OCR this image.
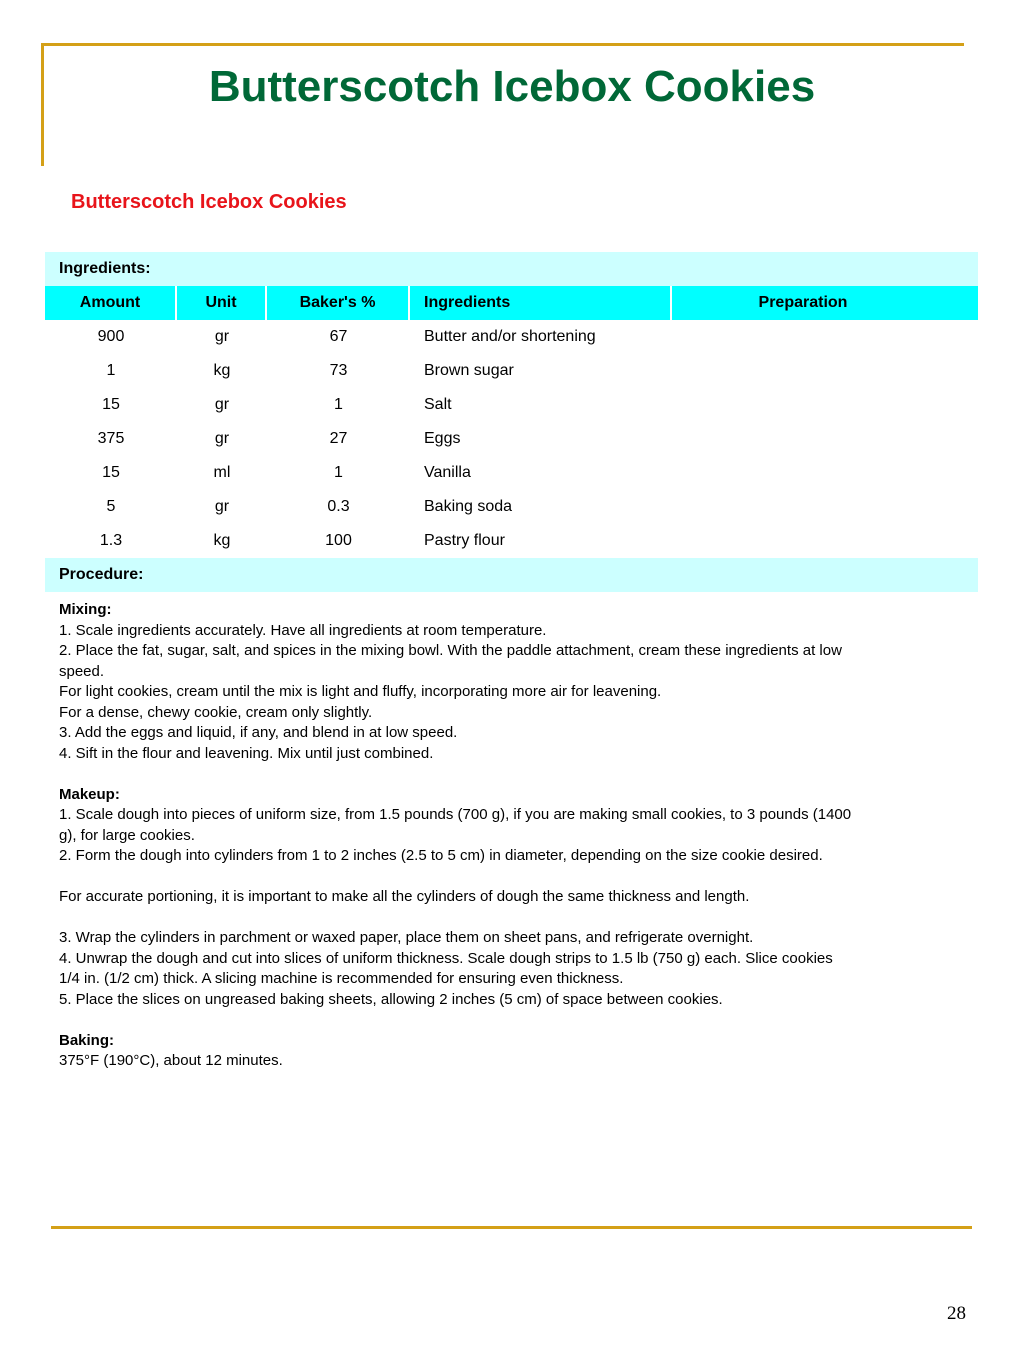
Butterscotch Icebox Cookies
Butterscotch Icebox Cookies
Ingredients:
Amount	Unit	Baker's %	Ingredients	Preparation
900	gr	67	Butter and/or shortening
1	kg	73	Brown sugar
15	gr	1	Salt
375	gr	27	Eggs
15	ml	1	Vanilla
5	gr	0.3	Baking soda
1.3	kg	100	Pastry flour
Procedure:
Mixing:
1. Scale ingredients accurately. Have all ingredients at room temperature.
2. Place the fat, sugar, salt, and spices in the mixing bowl. With the paddle attachment, cream these ingredients at low
speed.
For light cookies, cream until the mix is light and fluffy, incorporating more air for leavening.
For a dense, chewy cookie, cream only slightly.
3. Add the eggs and liquid, if any, and blend in at low speed.
4. Sift in the flour and leavening. Mix until just combined.
Makeup:
1. Scale dough into pieces of uniform size, from 1.5 pounds (700 g), if you are making small cookies, to 3 pounds (1400
g), for large cookies.
2. Form the dough into cylinders from 1 to 2 inches (2.5 to 5 cm) in diameter, depending on the size cookie desired.
For accurate portioning, it is important to make all the cylinders of dough the same thickness and length.
3. Wrap the cylinders in parchment or waxed paper, place them on sheet pans, and refrigerate overnight.
4. Unwrap the dough and cut into slices of uniform thickness. Scale dough strips to 1.5 lb (750 g) each. Slice cookies
1/4 in. (1/2 cm) thick. A slicing machine is recommended for ensuring even thickness.
5. Place the slices on ungreased baking sheets, allowing 2 inches (5 cm) of space between cookies.
Baking:
375°F (190°C), about 12 minutes.
28
